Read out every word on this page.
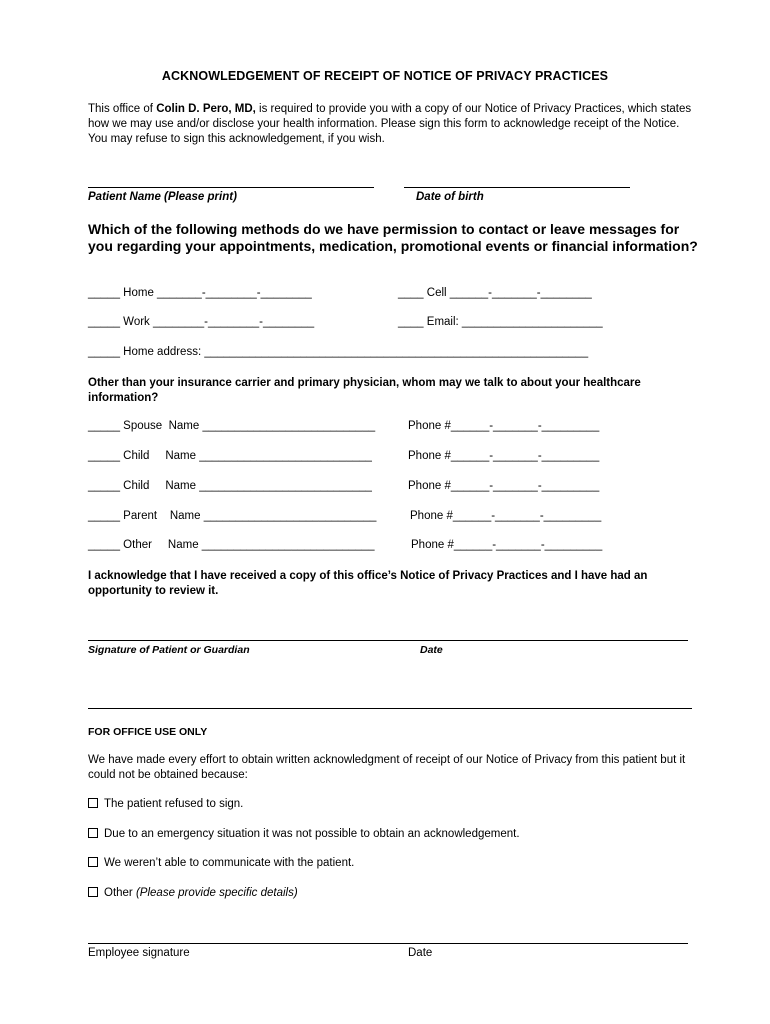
ACKNOWLEDGEMENT OF RECEIPT OF NOTICE OF PRIVACY PRACTICES
This office of Colin D. Pero, MD, is required to provide you with a copy of our Notice of Privacy Practices, which states how we may use and/or disclose your health information. Please sign this form to acknowledge receipt of the Notice. You may refuse to sign this acknowledgement, if you wish.
Patient Name (Please print)	Date of birth
Which of the following methods do we have permission to contact or leave messages for you regarding your appointments, medication, promotional events or financial information?
_____ Home _______-________-________	____ Cell ______-_______-________
_____ Work ________-________-________	____ Email: ______________________
_____ Home address: ____________________________________________________________
Other than your insurance carrier and primary physician, whom may we talk to about your healthcare information?
_____ Spouse  Name ___________________________	Phone #______-_______-_________
_____ Child     Name ___________________________	Phone #______-_______-_________
_____ Child     Name ___________________________	Phone #______-_______-_________
_____ Parent    Name ___________________________	Phone #______-_______-_________
_____ Other     Name ___________________________	Phone #______-_______-_________
I acknowledge that I have received a copy of this office’s Notice of Privacy Practices and I have had an opportunity to review it.
Signature of Patient or Guardian	Date
FOR OFFICE USE ONLY
We have made every effort to obtain written acknowledgment of receipt of our Notice of Privacy from this patient but it could not be obtained because:
The patient refused to sign.
Due to an emergency situation it was not possible to obtain an acknowledgement.
We weren’t able to communicate with the patient.
Other (Please provide specific details)
Employee signature	Date
